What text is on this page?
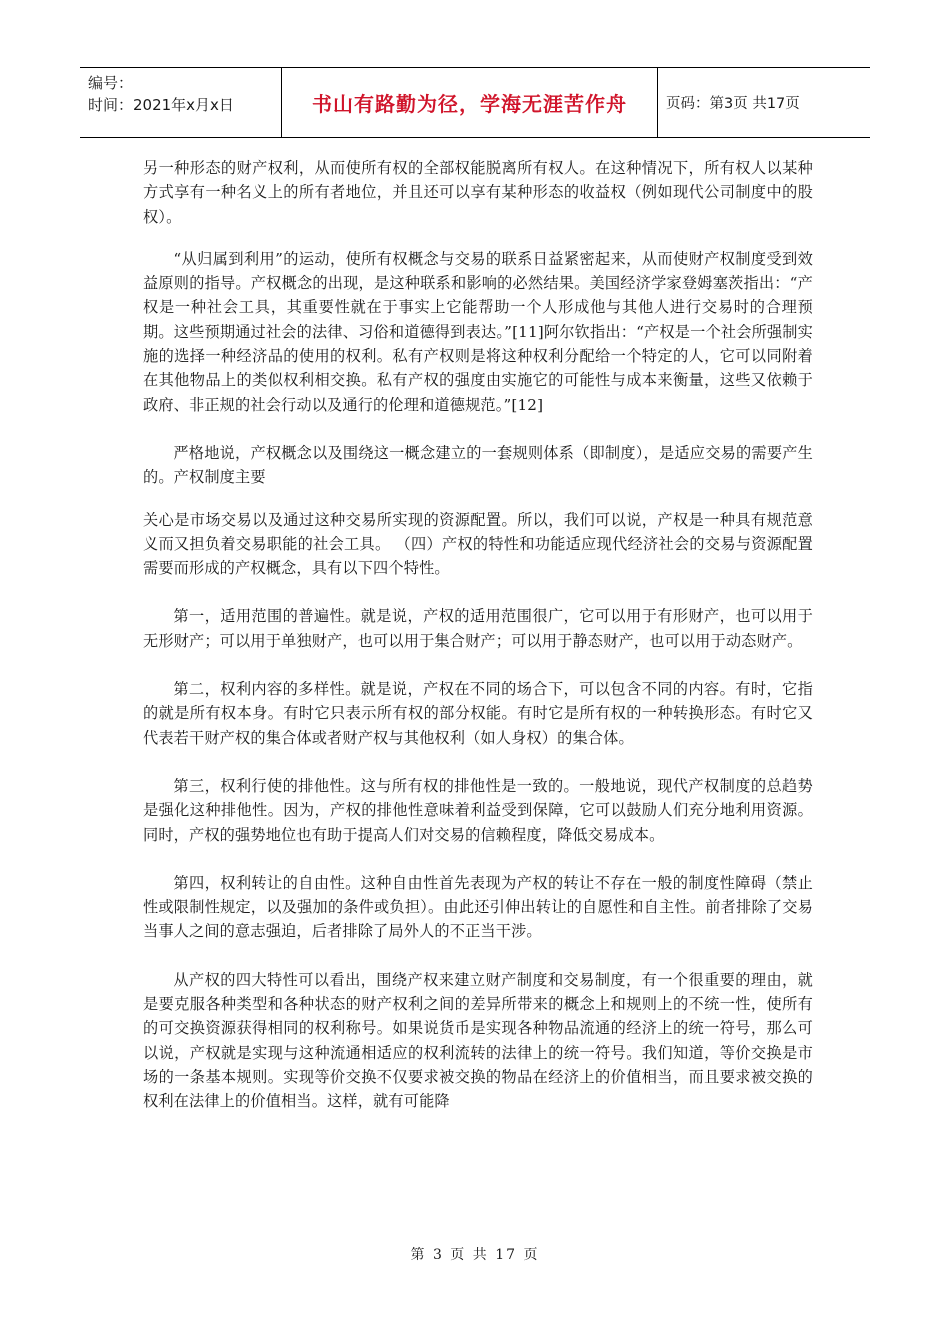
编号：
时间：2021年x月x日	书山有路勤为径，学海无涯苦作舟	页码：第3页 共17页

另一种形态的财产权利，从而使所有权的全部权能脱离所有权人。在这种情况下，所有权人以某种方式享有一种名义上的所有者地位，并且还可以享有某种形态的收益权（例如现代公司制度中的股权）。

“从归属到利用”的运动，使所有权概念与交易的联系日益紧密起来，从而使财产权制度受到效益原则的指导。产权概念的出现，是这种联系和影响的必然结果。美国经济学家登姆塞茨指出：“产权是一种社会工具，其重要性就在于事实上它能帮助一个人形成他与其他人进行交易时的合理预期。这些预期通过社会的法律、习俗和道德得到表达。”[11]阿尔钦指出：“产权是一个社会所强制实施的选择一种经济品的使用的权利。私有产权则是将这种权利分配给一个特定的人，它可以同附着在其他物品上的类似权利相交换。私有产权的强度由实施它的可能性与成本来衡量，这些又依赖于政府、非正规的社会行动以及通行的伦理和道德规范。”[12]

严格地说，产权概念以及围绕这一概念建立的一套规则体系（即制度），是适应交易的需要产生的。产权制度主要

关心是市场交易以及通过这种交易所实现的资源配置。所以，我们可以说，产权是一种具有规范意义而又担负着交易职能的社会工具。 （四）产权的特性和功能适应现代经济社会的交易与资源配置需要而形成的产权概念，具有以下四个特性。

第一，适用范围的普遍性。就是说，产权的适用范围很广，它可以用于有形财产，也可以用于无形财产；可以用于单独财产，也可以用于集合财产；可以用于静态财产，也可以用于动态财产。

第二，权利内容的多样性。就是说，产权在不同的场合下，可以包含不同的内容。有时，它指的就是所有权本身。有时它只表示所有权的部分权能。有时它是所有权的一种转换形态。有时它又代表若干财产权的集合体或者财产权与其他权利（如人身权）的集合体。

第三，权利行使的排他性。这与所有权的排他性是一致的。一般地说，现代产权制度的总趋势是强化这种排他性。因为，产权的排他性意味着利益受到保障，它可以鼓励人们充分地利用资源。同时，产权的强势地位也有助于提高人们对交易的信赖程度，降低交易成本。

第四，权利转让的自由性。这种自由性首先表现为产权的转让不存在一般的制度性障碍（禁止性或限制性规定，以及强加的条件或负担）。由此还引伸出转让的自愿性和自主性。前者排除了交易当事人之间的意志强迫，后者排除了局外人的不正当干涉。

从产权的四大特性可以看出，围绕产权来建立财产制度和交易制度，有一个很重要的理由，就是要克服各种类型和各种状态的财产权利之间的差异所带来的概念上和规则上的不统一性，使所有的可交换资源获得相同的权利称号。如果说货币是实现各种物品流通的经济上的统一符号，那么可以说，产权就是实现与这种流通相适应的权利流转的法律上的统一符号。我们知道，等价交换是市场的一条基本规则。实现等价交换不仅要求被交换的物品在经济上的价值相当，而且要求被交换的权利在法律上的价值相当。这样，就有可能降

第 3 页 共 17 页
